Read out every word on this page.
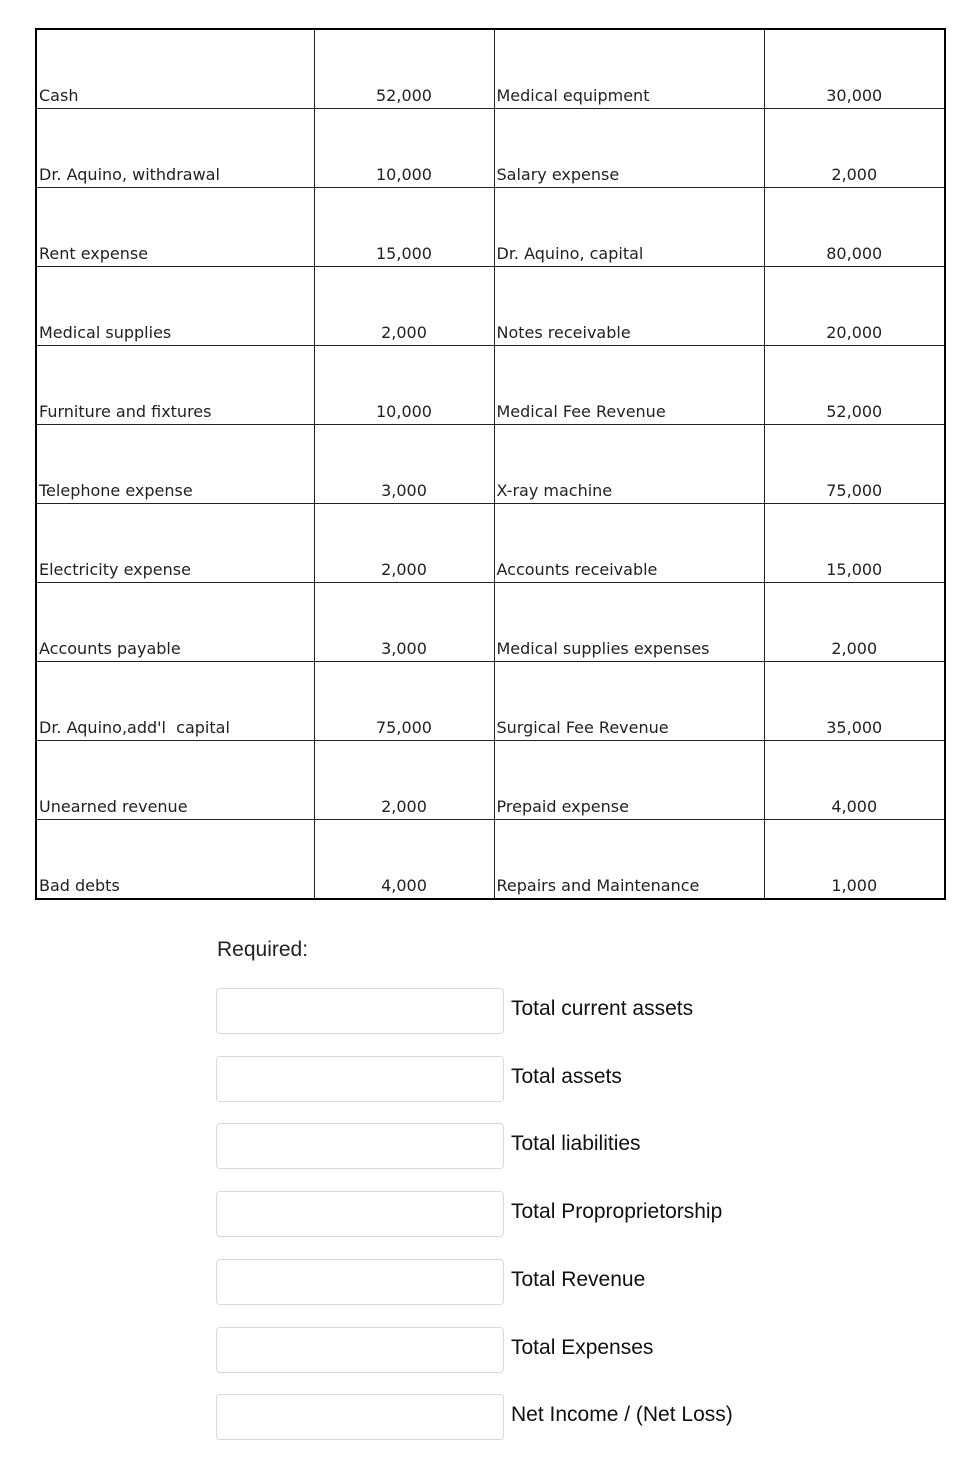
Cash	52,000	Medical equipment	30,000
Dr. Aquino, withdrawal	10,000	Salary expense	2,000
Rent expense	15,000	Dr. Aquino, capital	80,000
Medical supplies	2,000	Notes receivable	20,000
Furniture and fixtures	10,000	Medical Fee Revenue	52,000
Telephone expense	3,000	X-ray machine	75,000
Electricity expense	2,000	Accounts receivable	15,000
Accounts payable	3,000	Medical supplies expenses	2,000
Dr. Aquino,add'l  capital	75,000	Surgical Fee Revenue	35,000
Unearned revenue	2,000	Prepaid expense	4,000
Bad debts	4,000	Repairs and Maintenance	1,000
Required:
Total current assets
Total assets
Total liabilities
Total Proproprietorship
Total Revenue
Total Expenses
Net Income / (Net Loss)
